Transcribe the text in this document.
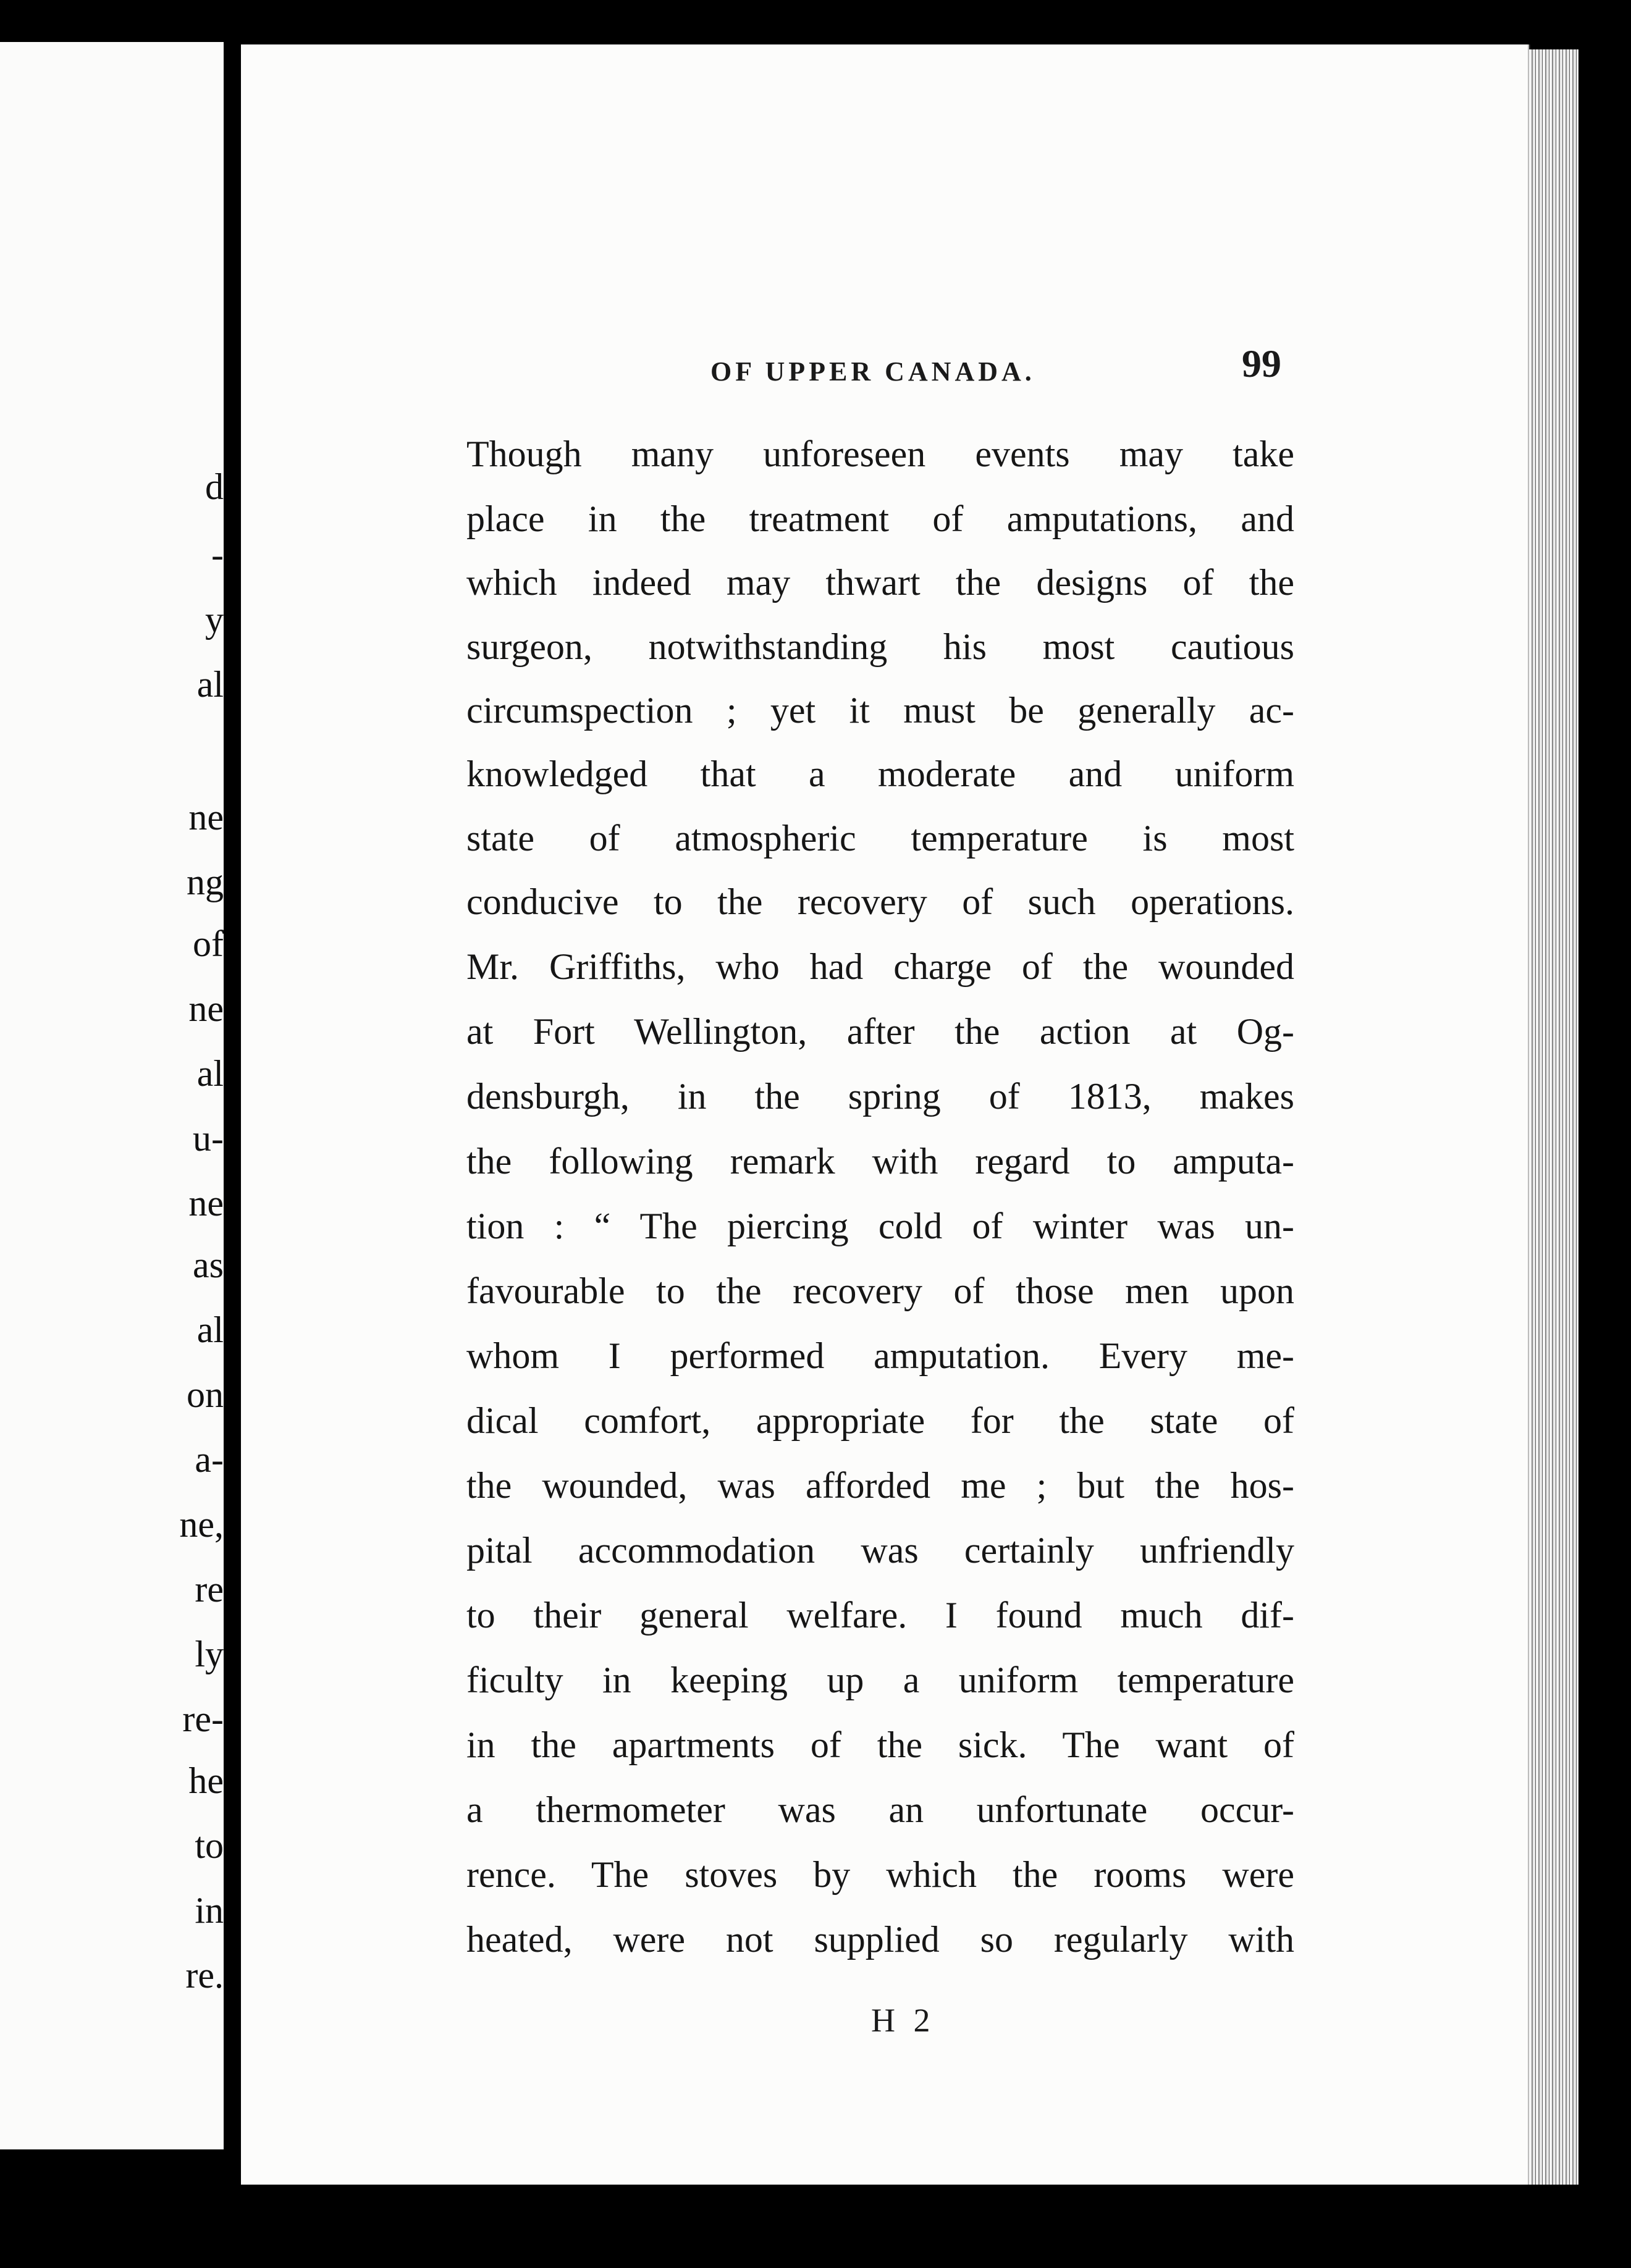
d
-
y
al
ne
ng
of
ne
al
u-
ne
as
al
on
a-
ne,
re
ly
re-
he
to
in
re.
OF UPPER CANADA.	99
Though many unforeseen events may take
place in the treatment of amputations, and
which indeed may thwart the designs of the
surgeon, notwithstanding his most cautious
circumspection ; yet it must be generally ac-
knowledged that a moderate and uniform
state of atmospheric temperature is most
conducive to the recovery of such operations.
Mr. Griffiths, who had charge of the wounded
at Fort Wellington, after the action at Og-
densburgh, in the spring of 1813, makes
the following remark with regard to amputa-
tion : “ The piercing cold of winter was un-
favourable to the recovery of those men upon
whom I performed amputation. Every me-
dical comfort, appropriate for the state of
the wounded, was afforded me ; but the hos-
pital accommodation was certainly unfriendly
to their general welfare. I found much dif-
ficulty in keeping up a uniform temperature
in the apartments of the sick. The want of
a thermometer was an unfortunate occur-
rence. The stoves by which the rooms were
heated, were not supplied so regularly with
H 2
